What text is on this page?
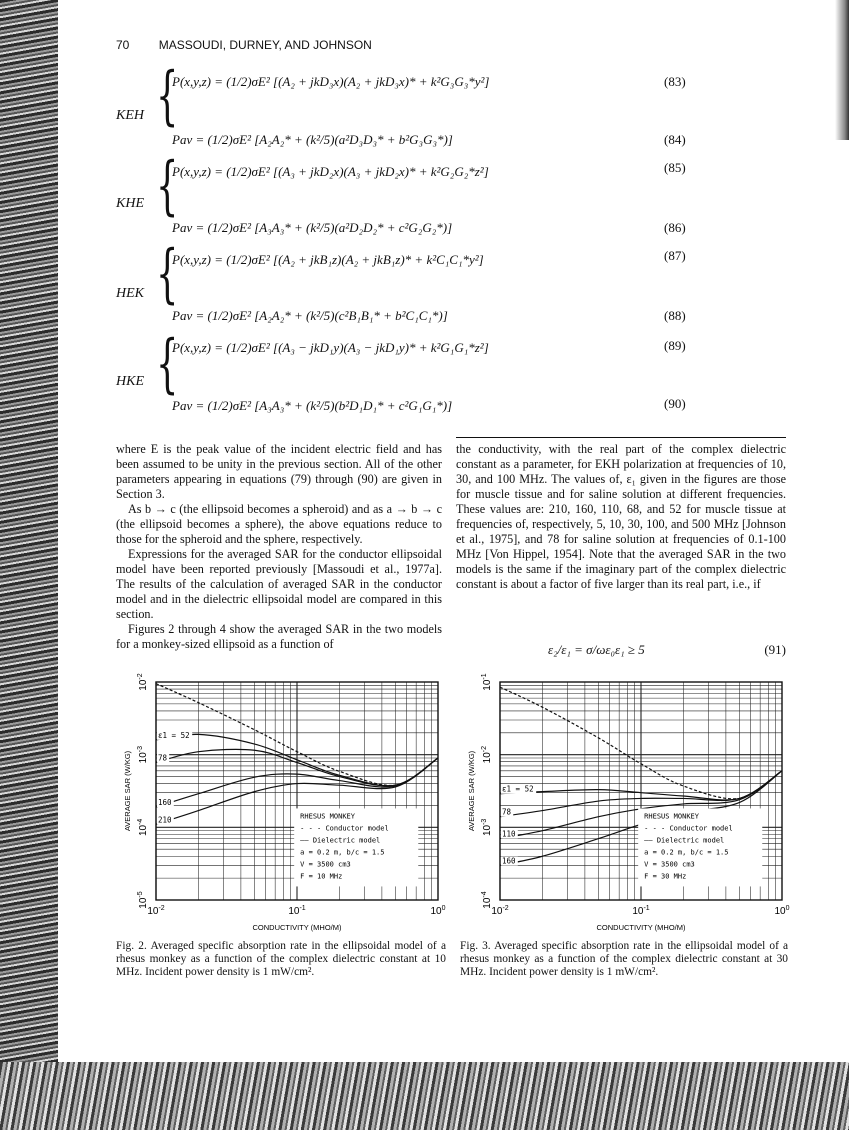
70 MASSOUDI, DURNEY, AND JOHNSON
KEH {
P(x,y,z) = (1/2)σE² [(A₂ + jkD₃x)(A₂ + jkD₃x)* + k²G₃G₃*y²]	(83)
Pav = (1/2)σE² [A₂A₂* + (k²/5)(a²D₃D₃* + b²G₃G₃*)]	(84)
KHE {
P(x,y,z) = (1/2)σE² [(A₃ + jkD₂x)(A₃ + jkD₂x)* + k²G₂G₂*z²]	(85)
Pav = (1/2)σE² [A₃A₃* + (k²/5)(a²D₂D₂* + c²G₂G₂*)]	(86)
HEK {
P(x,y,z) = (1/2)σE² [(A₂ + jkB₁z)(A₂ + jkB₁z)* + k²C₁C₁*y²]	(87)
Pav = (1/2)σE² [A₂A₂* + (k²/5)(c²B₁B₁* + b²C₁C₁*)]	(88)
HKE {
P(x,y,z) = (1/2)σE² [(A₃ − jkD₁y)(A₃ − jkD₁y)* + k²G₁G₁*z²]	(89)
Pav = (1/2)σE² [A₃A₃* + (k²/5)(b²D₁D₁* + c²G₁G₁*)]	(90)

where E is the peak value of the incident electric field and has been assumed to be unity in the previous section. All of the other parameters appearing in equations (79) through (90) are given in Section 3.

As b → c (the ellipsoid becomes a spheroid) and as a → b → c (the ellipsoid becomes a sphere), the above equations reduce to those for the spheroid and the sphere, respectively.

Expressions for the averaged SAR for the conductor ellipsoidal model have been reported previously [Massoudi et al., 1977a]. The results of the calculation of averaged SAR in the conductor model and in the dielectric ellipsoidal model are compared in this section.

Figures 2 through 4 show the averaged SAR in the two models for a monkey-sized ellipsoid as a function of

the conductivity, with the real part of the complex dielectric constant as a parameter, for EKH polarization at frequencies of 10, 30, and 100 MHz. The values of, ε₁ given in the figures are those for muscle tissue and for saline solution at different frequencies. These values are: 210, 160, 110, 68, and 52 for muscle tissue at frequencies of, respectively, 5, 10, 30, 100, and 500 MHz [Johnson et al., 1975], and 78 for saline solution at frequencies of 0.1-100 MHz [Von Hippel, 1954]. Note that the averaged SAR in the two models is the same if the imaginary part of the complex dielectric constant is about a factor of five larger than its real part, i.e., if

ε₂/ε₁ = σ/ωε₀ε₁ ≥ 5	(91)
$10^{-2}$
$10^{-3}$
$10^{-4}$
$10^{-5}$
$10^{-2}$	$10^{-1}$	$10^0$
AVERAGE SAR (W/KG)
CONDUCTIVITY (MHO/M)
ε1 = 52
78
160
210	RHESUS MONKEY
- - - Conductor model
—— Dielectric model
a = 0.2 m, b/c = 1.5
V = 3500 cm3
F = 10 MHz
Fig. 2. Averaged specific absorption rate in the ellipsoidal model of a rhesus monkey as a function of the complex dielectric constant at 10 MHz. Incident power density is 1 mW/cm².
$10^{-1}$
$10^{-2}$
$10^{-3}$
$10^{-4}$
$10^{-2}$	$10^{-1}$	$10^0$
AVERAGE SAR (W/KG)
CONDUCTIVITY (MHO/M)
ε1 = 52
78
110
160
RHESUS MONKEY
- - - Conductor model
—— Dielectric model
a = 0.2 m, b/c = 1.5
V = 3500 cm3
F = 30 MHz
Fig. 3. Averaged specific absorption rate in the ellipsoidal model of a rhesus monkey as a function of the complex dielectric constant at 30 MHz. Incident power density is 1 mW/cm².
